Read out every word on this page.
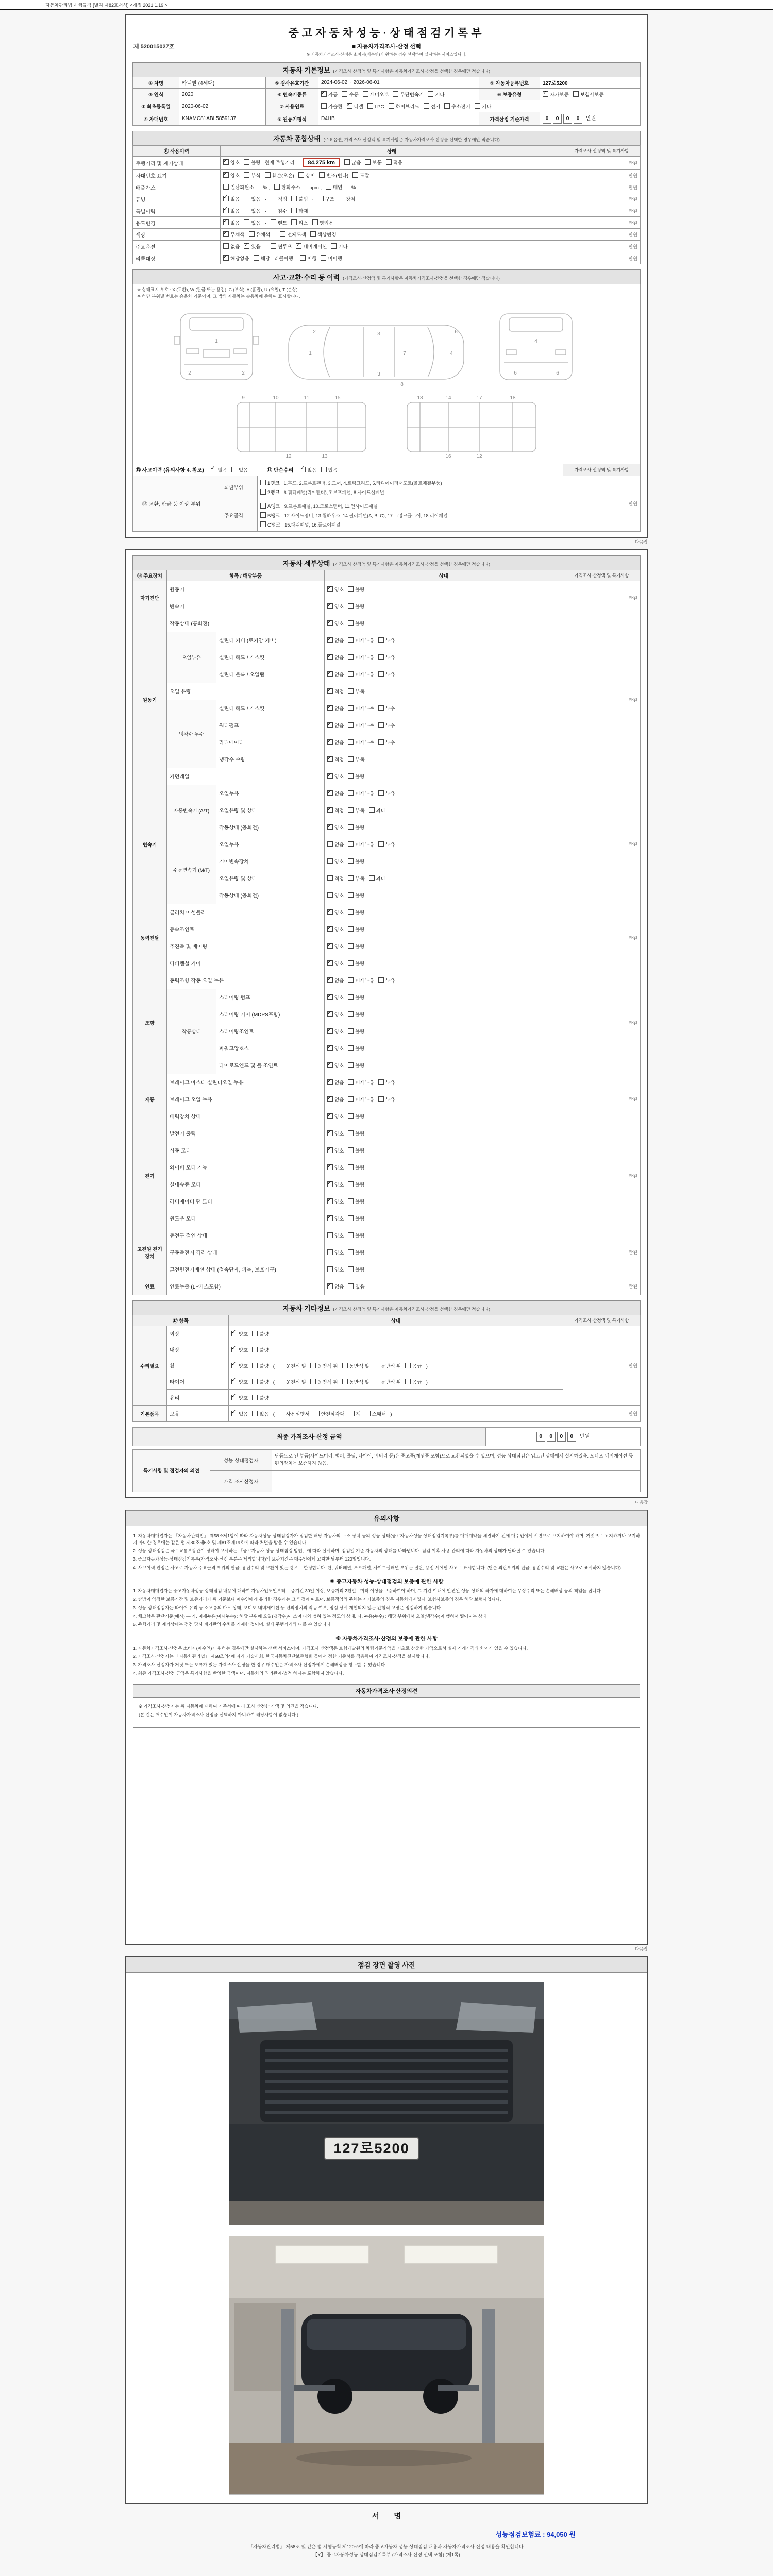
자동차관리법 시행규칙 [별지 제82호서식] <개정 2021.1.19.>
제 520015027호
중고자동차성능·상태점검기록부
■ 자동차가격조사·산정 선택
※ 자동차가격조사·산정은 소비자(매수인)가 원하는 경우 선택하여 실시하는 서비스입니다.
자동차 기본정보 (가격조사·산정액 및 특기사항은 자동차가격조사·산정을 선택한 경우에만 적습니다)
① 차명	카니발 (4세대)	⑤ 검사유효기간	2024-06-02 ~ 2026-06-01	⑨ 자동차등록번호	127로5200
② 연식	2020	⑥ 변속기종류	✓자동 수동 세미오토 무단변속기 기타	⑩ 보증유형	✓자가보증 보험사보증
③ 최초등록일	2020-06-02	⑦ 사용연료	가솔린 ✓ 디젤 LPG 하이브리드 전기 수소전기 기타
④ 차대번호	KNAMC81ABL5859137	⑧ 원동기형식	D4HB	가격산정 기준가격	0 0 0 0 만원
자동차 종합상태 (주요옵션, 가격조사·산정액 및 특기사항은 자동차가격조사·산정을 선택한 경우에만 적습니다)
⑪ 사용이력	상태	가격조사·산정액 및 특기사항
주행거리 및 계기상태	✓양호 불량 현재 주행거리 84,275 km 많음 보통 적음	만원
차대번호 표기	✓양호 부식 훼손(오손) 상이 변조(변타) 도말	만원
배출가스	일산화탄소　% , 탄화수소　ppm , 매연　%	만원
튜닝	✓없음 있음 · 적법 불법 · 구조 장치	만원
특별이력	✓없음 있음 · 침수 화재	만원
용도변경	✓없음 있음 · 렌트 리스 영업용	만원
색상	✓무채색 유채색 · 전체도색 색상변경	만원
주요옵션	없음 ✓ 있음 · 썬루프 ✓ 네비게이션 기타	만원
리콜대상	✓해당없음 해당 리콜이행 : 이행 미이행	만원
사고·교환·수리 등 이력 (가격조사·산정액 및 특기사항은 자동차가격조사·산정을 선택한 경우에만 적습니다)
※ 상태표시 부호 : X (교환), W (판금 또는 용접), C (부식), A (흠집), U (요철), T (손상)
※ 하단 부위별 번호는 승용차 기준이며, 그 밖의 자동차는 승용차에 준하여 표시합니다.
1
2	2
1	7	4
3
3
6
2
8
4
6	6
9	10	11	15
12	13
13	14	17	18
16	12
⑬ 사고이력 (유의사항 4. 참조) ✓ 없음 있음 ⑭ 단순수리 ✓ 없음 있음			가격조사·산정액 및 특기사항
⑮ 교환, 판금 등 이상 부위	외판부위	1랭크 1.후드, 2.프론트펜더, 3.도어, 4.트렁크리드, 5.라디에이터서포트(볼트체결부품)
2랭크 6.쿼터패널(리어펜더), 7.루프패널, 8.사이드실패널	만원
	주요골격	A랭크 9.프론트패널, 10.크로스멤버, 11.인사이드패널
B랭크 12.사이드멤버, 13.휠하우스, 14.필러패널(A, B, C), 17.트렁크플로어, 18.리어패널
C랭크 15.대쉬패널, 16.플로어패널	
다음장
자동차 세부상태 (가격조사·산정액 및 특기사항은 자동차가격조사·산정을 선택한 경우에만 적습니다)
⑯ 주요장치	항목 / 해당부품		상태	가격조사·산정액 및 특기사항
자기진단	원동기	✓양호 불량	만원
	변속기	✓양호 불량
원동기	작동상태 (공회전)	✓양호 불량	만원
	오일누유	실린더 커버 (로커암 커버)	✓없음 미세누유 누유
		실린더 헤드 / 개스킷	✓없음 미세누유 누유
		실린더 블록 / 오일팬	✓없음 미세누유 누유
	오일 유량	✓적정 부족
	냉각수 누수	실린더 헤드 / 개스킷	✓없음 미세누수 누수
		워터펌프	✓없음 미세누수 누수
		라디에이터	✓없음 미세누수 누수
		냉각수 수량	✓적정 부족
	커먼레일	✓양호 불량
변속기	자동변속기 (A/T)	오일누유	✓없음 미세누유 누유	만원
		오일유량 및 상태	✓적정 부족 과다
		작동상태 (공회전)	✓양호 불량
	수동변속기 (M/T)	오일누유	없음 미세누유 누유	
		기어변속장치	양호 불량	
		오일유량 및 상태	적정 부족 과다	
		작동상태 (공회전)	양호 불량	
동력전달	클러치 어셈블리	✓양호 불량	만원
	등속조인트	✓양호 불량
	추진축 및 베어링	✓양호 불량
	디퍼렌셜 기어	✓양호 불량
조향	동력조향 작동 오일 누유	✓없음 미세누유 누유	만원
	작동상태	스티어링 펌프	✓양호 불량
		스티어링 기어 (MDPS포함)	✓양호 불량
		스티어링조인트	✓양호 불량
		파워고압호스	✓양호 불량
		타이로드엔드 및 볼 조인트	✓양호 불량
제동	브레이크 마스터 실린더오일 누유	✓없음 미세누유 누유	만원
	브레이크 오일 누유	✓없음 미세누유 누유
	배력장치 상태	✓양호 불량
전기	발전기 출력	✓양호 불량	만원
	시동 모터	✓양호 불량
	와이퍼 모터 기능	✓양호 불량
	실내송풍 모터	✓양호 불량
	라디에이터 팬 모터	✓양호 불량
	윈도우 모터	✓양호 불량
고전원 전기장치	충전구 절연 상태		양호 불량	만원
	구동축전지 격리 상태		양호 불량	
	고전원전기배선 상태 (접속단자, 피복, 보호기구)		양호 불량	
연료	연료누출 (LP가스포함)	✓없음 있음	만원
자동차 기타정보 (가격조사·산정액 및 특기사항은 자동차가격조사·산정을 선택한 경우에만 적습니다)
⑰ 항목		상태	가격조사·산정액 및 특기사항
수리필요	외장	✓양호 불량	만원
	내장	✓양호 불량
	휠	✓양호 불량 ( 운전석 앞 운전석 뒤 동반석 앞 동반석 뒤 응급 )
	타이어	✓양호 불량 ( 운전석 앞 운전석 뒤 동반석 앞 동반석 뒤 응급 )
	유리	✓양호 불량
기본품목	보유	✓있음 없음 ( 사용설명서 안전삼각대 잭 스패너 )	만원
최종 가격조사·산정 금액	0 0 0 0 만원
특기사항 및 점검자의 의견	성능·상태점검자	단품으로 된 부품(사이드미러, 범퍼, 몰딩, 타이어, 배터리 등)은 중고품(재생품 포함)으로 교환되었을 수 있으며, 성능·상태점검은 입고된 상태에서 실시하였음. 오디오·네비게이션 등 편의장치는 보증하지 않음.
	가격·조사산정자	
다음장
유의사항
1. 자동차매매업자는 「자동차관리법」 제58조제1항에 따라 자동차성능·상태점검자가 점검한 해당 자동차의 구조·장치 등의 성능·상태(중고자동차성능·상태점검기록부)를 매매계약을 체결하기 전에 매수인에게 서면으로 고지하여야 하며, 거짓으로 고지하거나 고지하지 아니한 경우에는 같은 법 제80조제6호 및 제81조제19호에 따라 처벌을 받을 수 있습니다.
2. 성능·상태점검은 국토교통부장관이 정하여 고시하는 「중고자동차 성능·상태점검 방법」에 따라 실시하며, 점검일 기준 자동차의 상태를 나타냅니다. 점검 이후 사용·관리에 따라 자동차의 상태가 달라질 수 있습니다.
3. 중고자동차성능·상태점검기록부(가격조사·산정 부분은 제외합니다)의 보관기간은 매수인에게 고지한 날부터 120일입니다.
4. 사고이력 인정은 사고로 자동차 주요골격 부위의 판금, 용접수리 및 교환이 있는 경우로 한정합니다. 단, 쿼터패널, 루프패널, 사이드실패널 부위는 절단, 용접 시에만 사고로 표시합니다. (단순 외판부위의 판금, 용접수리 및 교환은 사고로 표시하지 않습니다)
※ 중고자동차 성능·상태점검의 보증에 관한 사항
1. 자동차매매업자는 중고자동차성능·상태점검 내용에 대하여 자동차인도일부터 보증기간 30일 이상, 보증거리 2천킬로미터 이상을 보증하여야 하며, 그 기간 이내에 발견된 성능·상태의 하자에 대하여는 무상수리 또는 손해배상 등의 책임을 집니다.
2. 쌍방이 약정한 보증기간 및 보증거리가 위 기준보다 매수인에게 유리한 경우에는 그 약정에 따르며, 보증책임의 주체는 자가보증의 경우 자동차매매업자, 보험사보증의 경우 해당 보험사입니다.
3. 성능·상태점검자는 타이어·유리 등 소모품의 마모 상태, 오디오·내비게이션 등 편의장치의 작동 여부, 점검 당시 재현되지 않는 간헐적 고장은 점검하지 않습니다.
4. 체크항목 판단기준(예시) — 가. 미세누유(미세누수) : 해당 부위에 오일(냉각수)이 스며 나와 맺혀 있는 정도의 상태, 나. 누유(누수) : 해당 부위에서 오일(냉각수)이 맺혀서 떨어지는 상태
5. 주행거리 및 계기상태는 점검 당시 계기판의 수치를 기재한 것이며, 실제 주행거리와 다를 수 있습니다.
※ 자동차가격조사·산정의 보증에 관한 사항
1. 자동차가격조사·산정은 소비자(매수인)가 원하는 경우에만 실시하는 선택 서비스이며, 가격조사·산정액은 보험개발원의 차량기준가액을 기초로 산출한 가액으로서 실제 거래가격과 차이가 있을 수 있습니다.
2. 가격조사·산정자는 「자동차관리법」 제58조의4에 따라 기술사회, 한국자동차진단보증협회 등에서 정한 기준서를 적용하여 가격조사·산정을 실시합니다.
3. 가격조사·산정자가 거짓 또는 오류가 있는 가격조사·산정을 한 경우 매수인은 가격조사·산정자에게 손해배상을 청구할 수 있습니다.
4. 최종 가격조사·산정 금액은 특기사항을 반영한 금액이며, 자동차의 권리관계·법적 하자는 포함하지 않습니다.
자동차가격조사·산정의견
※ 가격조사·산정자는 위 자동차에 대하여 기준서에 따라 조사·산정한 가액 및 의견을 적습니다.
(본 건은 매수인이 자동차가격조사·산정을 선택하지 아니하여 해당사항이 없습니다.)
다음장
점검 장면 촬영 사진
127로5200

서명
성능점검보험료 : 94,050 원
「자동차관리법」 제58조 및 같은 법 시행규칙 제120조에 따라 중고자동차 성능·상태점검 내용과 자동차가격조사·산정 내용을 확인합니다.
【Y】 중고자동차성능·상태점검기록부 (가격조사·산정 선택 포함) (제1쪽)
